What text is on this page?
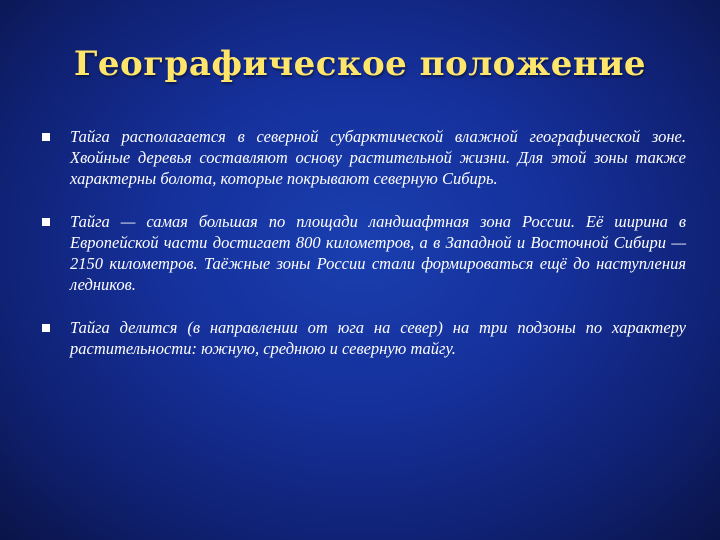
Географическое положение
Тайга располагается в северной субарктической влажной географической зоне. Хвойные деревья составляют основу растительной жизни. Для этой зоны также характерны болота, которые покрывают северную Сибирь.
Тайга — самая большая по площади ландшафтная зона России. Её ширина в Европейской части достигает 800 километров, а в Западной и Восточной Сибири — 2150 километров. Таёжные зоны России стали формироваться ещё до наступления ледников.
Тайга делится (в направлении от юга на север) на три подзоны по характеру растительности: южную, среднюю и северную тайгу.
